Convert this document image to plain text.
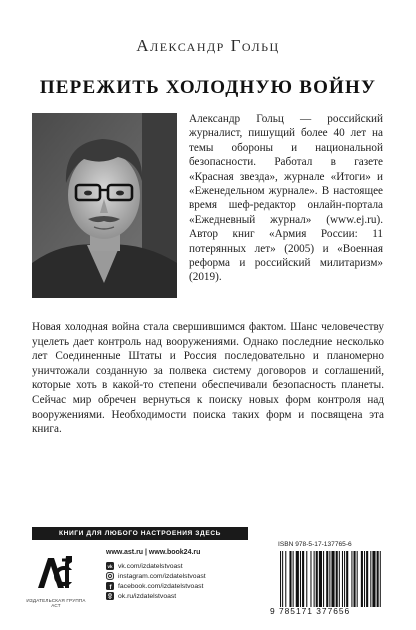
Александр Гольц
ПЕРЕЖИТЬ ХОЛОДНУЮ ВОЙНУ
Александр Гольц — российский журналист, пишущий более 40 лет на темы обороны и национальной безопасности. Работал в газете «Красная звезда», журнале «Итоги» и «Еженедельном журнале». В настоящее время шеф-редактор онлайн-портала «Ежедневный журнал» (www.ej.ru). Автор книг «Армия России: 11 потерянных лет» (2005) и «Военная реформа и российский милитаризм» (2019).
Новая холодная война стала свершившимся фактом. Шанс человечеству уцелеть дает контроль над вооружениями. Однако последние несколько лет Соединенные Штаты и Россия последовательно и планомерно уничтожали созданную за полвека систему договоров и соглашений, которые хоть в какой-то степени обеспечивали безопасность планеты. Сейчас мир обречен вернуться к поиску новых форм контроля над вооружениями. Необходимости поиска таких форм и посвящена эта книга.
КНИГИ ДЛЯ ЛЮБОГО НАСТРОЕНИЯ ЗДЕСЬ
ИЗДАТЕЛЬСКАЯ ГРУППА АСТ
www.ast.ru | www.book24.ru
vk vk.com/izdatelstvoast
instagram.com/izdatelstvoast
f facebook.com/izdatelstvoast
ok.ru/izdatelstvoast
ISBN 978-5-17-137765-6
9 785171 377656
